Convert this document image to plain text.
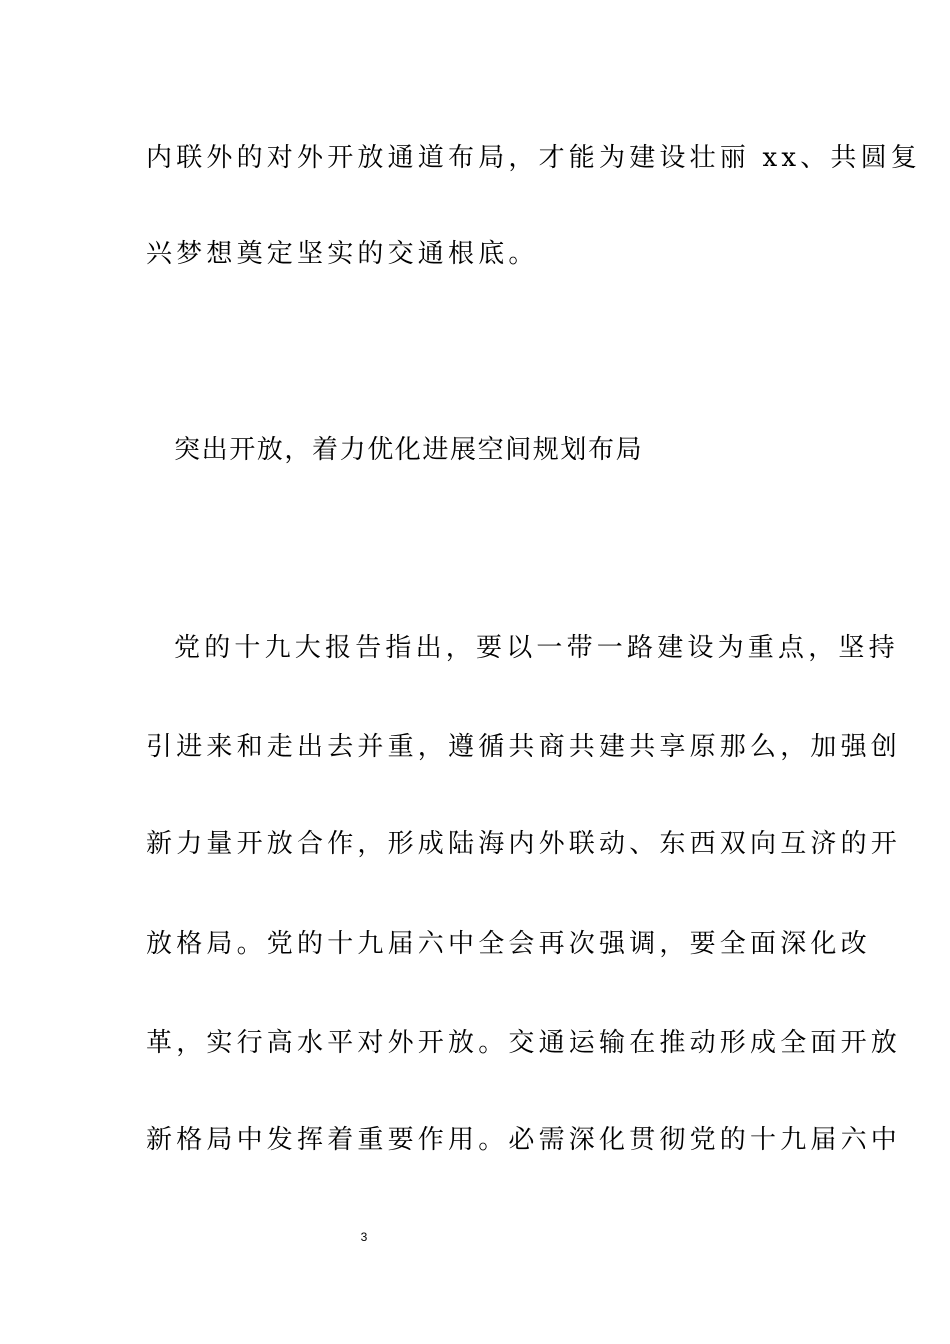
内联外的对外开放通道布局，才能为建设壮丽 xx、共圆复
兴梦想奠定坚实的交通根底。
突出开放，着力优化进展空间规划布局
党的十九大报告指出，要以一带一路建设为重点，坚持
引进来和走出去并重，遵循共商共建共享原那么，加强创
新力量开放合作，形成陆海内外联动、东西双向互济的开
放格局。党的十九届六中全会再次强调，要全面深化改
革，实行高水平对外开放。交通运输在推动形成全面开放
新格局中发挥着重要作用。必需深化贯彻党的十九届六中
3
